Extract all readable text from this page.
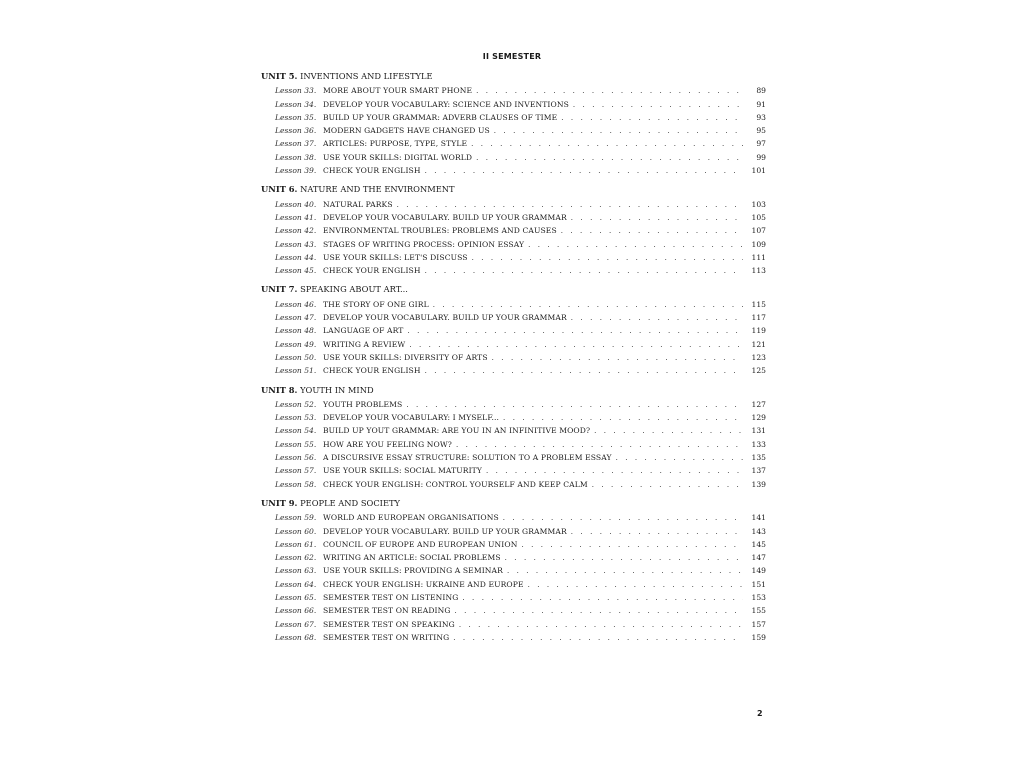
II SEMESTER
UNIT 5. INVENTIONS AND LIFESTYLE
Lesson 33. MORE ABOUT YOUR SMART PHONE . . .	89
Lesson 34. DEVELOP YOUR VOCABULARY: SCIENCE AND INVENTIONS . . .	91
Lesson 35. BUILD UP YOUR GRAMMAR: ADVERB CLAUSES OF TIME . . .	93
Lesson 36. MODERN GADGETS HAVE CHANGED US . . .	95
Lesson 37. ARTICLES: PURPOSE, TYPE, STYLE . . .	97
Lesson 38. USE YOUR SKILLS: DIGITAL WORLD . . .	99
Lesson 39. CHECK YOUR ENGLISH . . .	101
UNIT 6. NATURE AND THE ENVIRONMENT
Lesson 40. NATURAL PARKS . . .	103
Lesson 41. DEVELOP YOUR VOCABULARY. BUILD UP YOUR GRAMMAR . . .	105
Lesson 42. ENVIRONMENTAL TROUBLES: PROBLEMS AND CAUSES . . .	107
Lesson 43. STAGES OF WRITING PROCESS: OPINION ESSAY . . .	109
Lesson 44. USE YOUR SKILLS: LET'S DISCUSS . . .	111
Lesson 45. CHECK YOUR ENGLISH . . .	113
UNIT 7. SPEAKING ABOUT ART...
Lesson 46. THE STORY OF ONE GIRL . . .	115
Lesson 47. DEVELOP YOUR VOCABULARY. BUILD UP YOUR GRAMMAR . . .	117
Lesson 48. LANGUAGE OF ART . . .	119
Lesson 49. WRITING A REVIEW . . .	121
Lesson 50. USE YOUR SKILLS: DIVERSITY OF ARTS . . .	123
Lesson 51. CHECK YOUR ENGLISH . . .	125
UNIT 8. YOUTH IN MIND
Lesson 52. YOUTH PROBLEMS . . .	127
Lesson 53. DEVELOP YOUR VOCABULARY: I MYSELF... . . .	129
Lesson 54. BUILD UP YOUT GRAMMAR: ARE YOU IN AN INFINITIVE MOOD? . . .	131
Lesson 55. HOW ARE YOU FEELING NOW? . . .	133
Lesson 56. A DISCURSIVE ESSAY STRUCTURE: SOLUTION TO A PROBLEM ESSAY . . .	135
Lesson 57. USE YOUR SKILLS: SOCIAL MATURITY . . .	137
Lesson 58. CHECK YOUR ENGLISH: CONTROL YOURSELF AND KEEP CALM . . .	139
UNIT 9. PEOPLE AND SOCIETY
Lesson 59. WORLD AND EUROPEAN ORGANISATIONS . . .	141
Lesson 60. DEVELOP YOUR VOCABULARY. BUILD UP YOUR GRAMMAR . . .	143
Lesson 61. COUNCIL OF EUROPE AND EUROPEAN UNION . . .	145
Lesson 62. WRITING AN ARTICLE: SOCIAL PROBLEMS . . .	147
Lesson 63. USE YOUR SKILLS: PROVIDING A SEMINAR . . .	149
Lesson 64. CHECK YOUR ENGLISH: UKRAINE AND EUROPE . . .	151
Lesson 65. SEMESTER TEST ON LISTENING . . .	153
Lesson 66. SEMESTER TEST ON READING . . .	155
Lesson 67. SEMESTER TEST ON SPEAKING . . .	157
Lesson 68. SEMESTER TEST ON WRITING . . .	159
2
